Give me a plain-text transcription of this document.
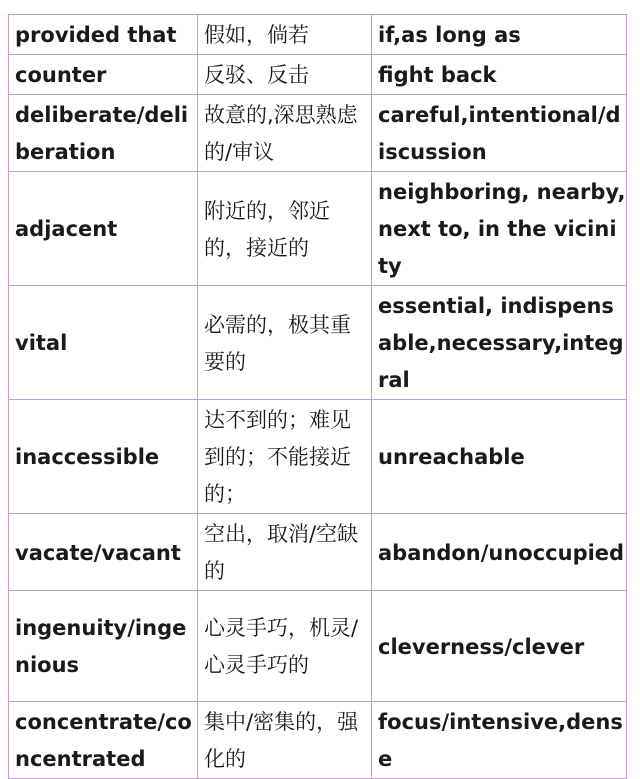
provided that	假如，倘若	if,as long as
counter	反驳、反击	fight back
deliberate/deliberation	故意的,深思熟虑的/审议	careful,intentional/discussion
adjacent	附近的，邻近的，接近的	neighboring, nearby, next to, in the vicinity
vital	必需的，极其重要的	essential, indispensable,necessary,integral
inaccessible	达不到的；难见到的；不能接近的；	unreachable
vacate/vacant	空出，取消/空缺的	abandon/unoccupied
ingenuity/ingenious	心灵手巧，机灵/心灵手巧的	cleverness/clever
concentrate/concentrated	集中/密集的，强化的	focus/intensive,dense
